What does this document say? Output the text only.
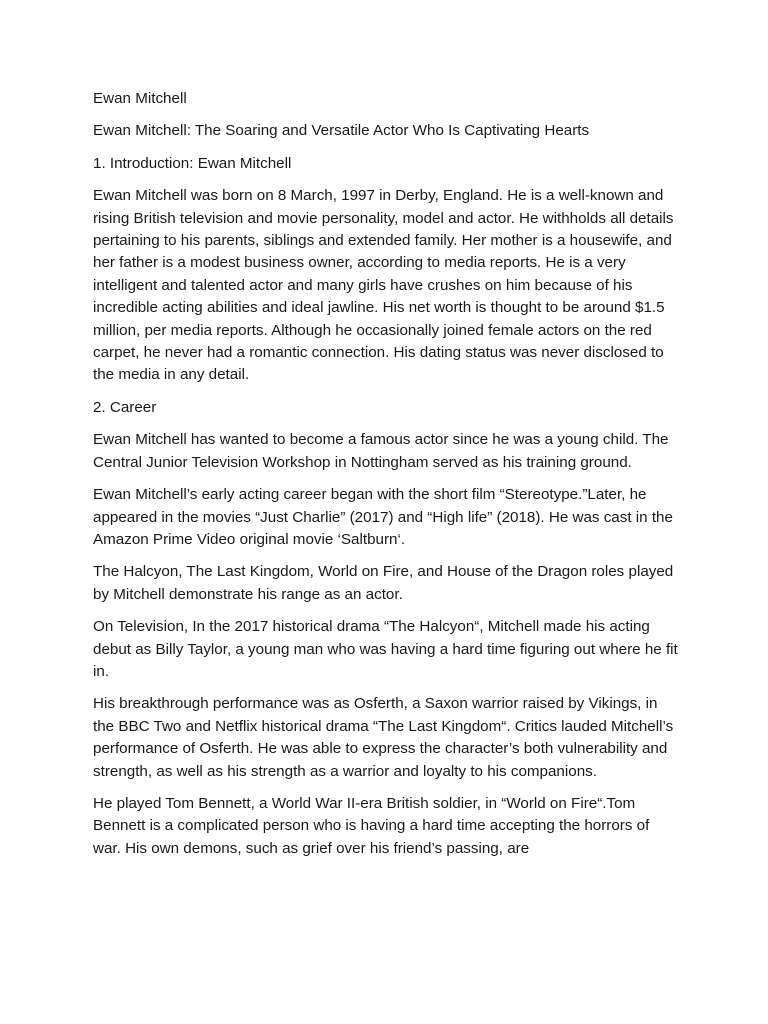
Ewan Mitchell

Ewan Mitchell: The Soaring and Versatile Actor Who Is Captivating Hearts

1. Introduction: Ewan Mitchell

Ewan Mitchell was born on 8 March, 1997 in Derby, England. He is a well-known and rising British television and movie personality, model and actor. He withholds all details pertaining to his parents, siblings and extended family. Her mother is a housewife, and her father is a modest business owner, according to media reports. He is a very intelligent and talented actor and many girls have crushes on him because of his incredible acting abilities and ideal jawline. His net worth is thought to be around $1.5 million, per media reports. Although he occasionally joined female actors on the red carpet, he never had a romantic connection. His dating status was never disclosed to the media in any detail.

2. Career

Ewan Mitchell has wanted to become a famous actor since he was a young child. The Central Junior Television Workshop in Nottingham served as his training ground.

Ewan Mitchell’s early acting career began with the short film “Stereotype.”Later, he appeared in the movies “Just Charlie” (2017) and “High life” (2018). He was cast in the Amazon Prime Video original movie ‘Saltburn‘.

The Halcyon, The Last Kingdom, World on Fire, and House of the Dragon roles played by Mitchell demonstrate his range as an actor.

On Television, In the 2017 historical drama “The Halcyon“, Mitchell made his acting debut as Billy Taylor, a young man who was having a hard time figuring out where he fit in.

His breakthrough performance was as Osferth, a Saxon warrior raised by Vikings, in the BBC Two and Netflix historical drama “The Last Kingdom“. Critics lauded Mitchell’s performance of Osferth. He was able to express the character’s both vulnerability and strength, as well as his strength as a warrior and loyalty to his companions.

He played Tom Bennett, a World War II-era British soldier, in “World on Fire“.Tom Bennett is a complicated person who is having a hard time accepting the horrors of war. His own demons, such as grief over his friend’s passing, are
